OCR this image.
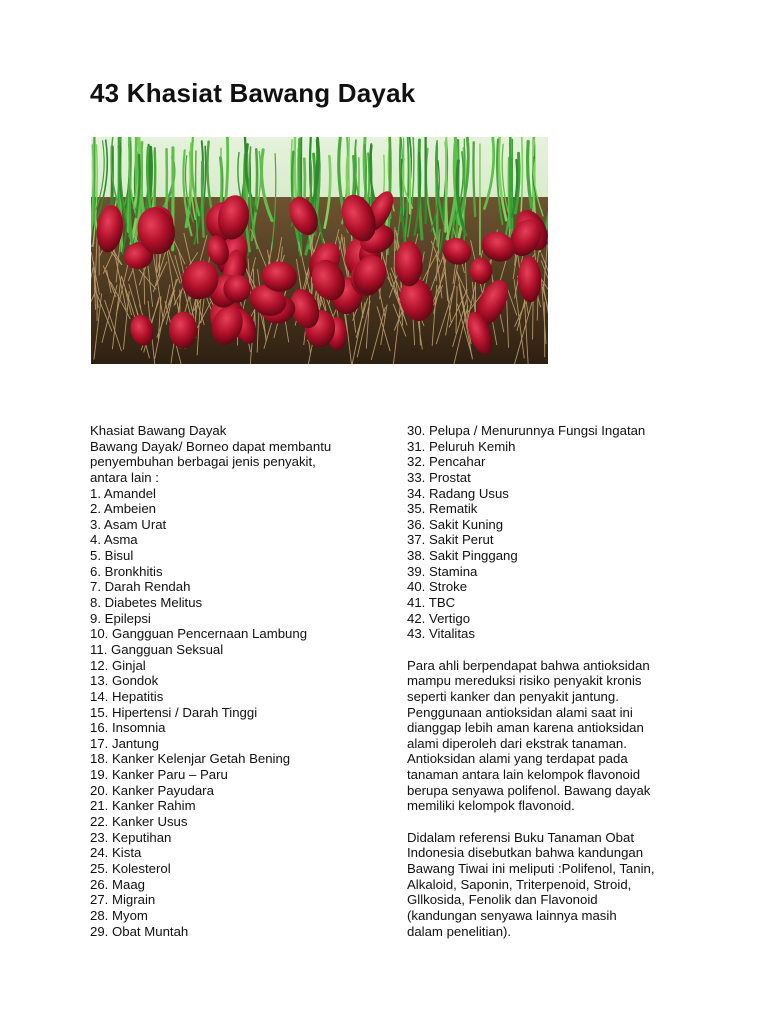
43 Khasiat Bawang Dayak
Khasiat Bawang Dayak
Bawang Dayak/ Borneo dapat membantu
penyembuhan berbagai jenis penyakit,
antara lain :
1. Amandel
2. Ambeien
3. Asam Urat
4. Asma
5. Bisul
6. Bronkhitis
7. Darah Rendah
8. Diabetes Melitus
9. Epilepsi
10. Gangguan Pencernaan Lambung
11. Gangguan Seksual
12. Ginjal
13. Gondok
14. Hepatitis
15. Hipertensi / Darah Tinggi
16. Insomnia
17. Jantung
18. Kanker Kelenjar Getah Bening
19. Kanker Paru – Paru
20. Kanker Payudara
21. Kanker Rahim
22. Kanker Usus
23. Keputihan
24. Kista
25. Kolesterol
26. Maag
27. Migrain
28. Myom
29. Obat Muntah
30. Pelupa / Menurunnya Fungsi Ingatan
31. Peluruh Kemih
32. Pencahar
33. Prostat
34. Radang Usus
35. Rematik
36. Sakit Kuning
37. Sakit Perut
38. Sakit Pinggang
39. Stamina
40. Stroke
41. TBC
42. Vertigo
43. Vitalitas
Para ahli berpendapat bahwa antioksidan
mampu mereduksi risiko penyakit kronis
seperti kanker dan penyakit jantung.
Penggunaan antioksidan alami saat ini
dianggap lebih aman karena antioksidan
alami diperoleh dari ekstrak tanaman.
Antioksidan alami yang terdapat pada
tanaman antara lain kelompok flavonoid
berupa senyawa polifenol. Bawang dayak
memiliki kelompok flavonoid.
Didalam referensi Buku Tanaman Obat
Indonesia disebutkan bahwa kandungan
Bawang Tiwai ini meliputi :Polifenol, Tanin,
Alkaloid, Saponin, Triterpenoid, Stroid,
Gllkosida, Fenolik dan Flavonoid
(kandungan senyawa lainnya masih
dalam penelitian).
